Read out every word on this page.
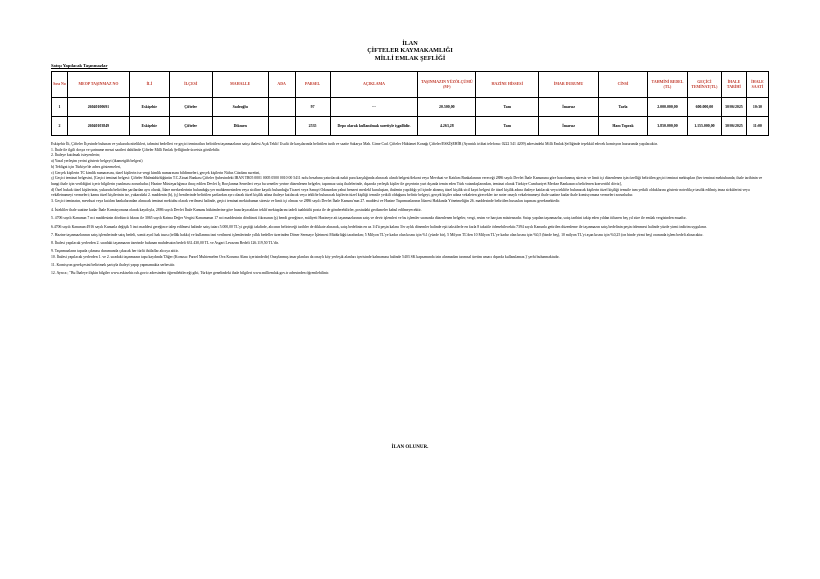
İLAN
ÇİFTELER KAYMAKAMLIĞI
MİLLİ EMLAK ŞEFLİĞİ
Satışı Yapılacak Taşınmazlar
Sıra No	MEOP TAŞINMAZ NO	İLİ	İLÇESİ	MAHALLE	ADA	PARSEL	AÇIKLAMA	TAŞINMAZIN YÜZÖLÇÜMÜ (M²)	HAZİNE HİSSESİ	İMAR DURUMU	CİNSİ	TAHMİNİ BEDEL (TL)	GEÇİCİ TEMİNAT(TL)	İHALE TARİHİ	İHALE SAATİ
1	26040100691	Eskişehir	Çifteler	Sadeoğlu		97	---	20.500,00	Tam	İmarsız	Tarla	2.000.000,00	600.000,00	30/06/2025	10:30
2	26040103849	Eskişehir	Çifteler	Dikmen		2535	Depo olarak kullanılmak suretiyle işgallidir.	4.263,28	Tam	İmarsız	Ham Toprak	3.850.000,00	1.155.000,00	30/06/2025	11:00

Eskişehir İli, Çifteler İlçesinde bulunan ve yukarıda nitelikleri, tahmini bedelleri ve geçici teminatları belirtilen taşınmazların satışı ihalesi Açık Teklif Usulü ile karşılarında belirtilen tarih ve saatte Sakarya Mah. Girne Cad. Çifteler Hükümet Konağı Çifteler/ESKİŞEHİR (Ayrıntılı irtibat telefonu: 0222 541 4209) adresindeki Milli Emlak Şefliğinde teşekkül edecek komisyon huzurunda yapılacaktır.

1. İhale ile ilgili dosya ve şartname mesai saatleri dahilinde Çifteler Milli Emlak Şefliğinde ücretsiz görülebilir.

2. İhaleye katılmak isteyenlerin;

a) Yasal yerleşim yerini gösterir belgeyi (ikametgâh belgesi)

b) Tebligat için Türkiye'de adres göstermeleri,

c) Gerçek kişilerin TC kimlik numarasını, tüzel kişilerin ise vergi kimlik numarasını bildirmeleri, gerçek kişilerin Nüfus Cüzdanı suretini,

ç) Geçici teminat belgesini, [Geçici teminat belgesi: Çifteler Malmüdürlüğünün T.C.Ziraat Bankası Çifteler Şubesindeki IBAN TR05 0001 0005 0500 0010 00 5411 nolu hesabına yatırılacak nakit para karşılığında alınacak alındı belgesi/dekont veya Mevduat ve Katılım Bankalarının vereceği 2886 sayılı Devlet İhale Kanununa göre hazırlanmış süresiz ve limit içi düzenlenen işin özelliği belirtilen geçici teminat mektupları (her teminat mektubunda; ihale tarihinin ve hangi ihale için verildiğini içerir bilgilerin yazılması zorunludur.) Hazine Müsteşarlığınca ihraç edilen Devlet İç Borçlanma Senetleri veya bu senetler yerine düzenlenen belgeler, taşınmaz satış ihalelerinde, dışarıda yerleşik kişiler ile geçerinin yurt dışında temin eden Türk vatandaşlarından, teminat olarak Türkiye Cumhuriyet Merkez Bankasınca belirlenen konvertibl döviz],

d) Özel hukuk tüzel kişilerinin, yukarıda belirtilen şartlardan ayrı olarak, İdare merkezlerinin bulunduğu yer mahkemesinden veya siciline kayıtlı bulunduğu Ticaret veya Sanayi Odasından yahut benzeri meslekî kuruluştan, ihalenin yapıldığı yıl içinde alınmış tüzel kişilik sicil kayıt belgesi ile tüzel kişilik adına ihaleye katılacak veya teklifte bulunacak kişilerin tüzel kişiliği temsile tam yetkili olduklarını gösterir noterlikçe tasdik edilmiş imza sirkülerini veya vekâletnameyi vermeleri; kamu tüzel kişilerinin ise, yukarıdaki 2. maddenin (b), (ç) bentlerinde belirtilen şartlardan ayrı olarak tüzel kişilik adına ihaleye katılacak veya teklifte bulunacak kişilerin tüzel kişiliği temsile yetkili olduğunu belirtir belgeyi, gerçek kişiler adına vekaleten girecekler ise noter onaylı vekaletnameyi ihale saatine kadar ihale komisyonuna vermeleri zorunludur.

3. Geçici teminatın, mevduat veya katılım bankalarından alınacak teminat mektubu olarak verilmesi halinde, geçici teminat mektubunun süresiz ve limit içi olması ve 2886 sayılı Devlet İhale Kanunu'nun 27. maddesi ve Hazine Taşınmazlarının İdaresi Hakkında Yönetmeliğin 26. maddesinde belirtilen hususları taşıması gerekmektedir.

4. İstekliler ihale saatine kadar İhale Komisyonuna olarak kayıtlıyla, 2886 sayılı Devlet İhale Kanunu hükümlerine göre hazırlayacakları teklif mektuplarını iadeli taahhütlü posta ile de gönderebilirler, postadaki gecikmeler kabul edilmeyecektir.

5. 4706 sayılı Kanunun 7 nci maddesinin dördüncü fıkrası ile 3065 sayılı Katma Değer Vergisi Kanununun 17 nci maddesinin dördüncü fıkrasının (ş) bendi gereğince, müliyeti Hazineye ait taşınmazlarının satış ve devir işlemleri ve bu işlemler sırasında düzenlenen belgeler, vergi, resim ve harçtan müstesnadır. Satışı yapılan taşınmazlar, satış tarihini takip eden yıldan itibaren beş yıl süre ile emlak vergisinden muaftır.

6.4706 sayılı Kanunun 4916 sayılı Kanunla değişik 5 inci maddesi gereğince talep edilmesi halinde satış tutarı 5.000,00 TL'yi geçtiği takdirde, alıcının belirteceği tarihler de dikkate alınarak, satış bedelinin en az 1/4'ü peşin kalanı 3'er aylık dönemler halinde eşit taksitlerle en fazla 8 taksitle ödenebilecektir.7394 sayılı Kanunla getirilen düzenleme ile taşınmazın satış bedelinin peşin ödenmesi halinde yüzde yirmi indirim uygulanır.

7. Hazine taşınmazlarının satış işlemlerinde satış bedeli, somit ayrıl hak tasısı (tellâk hakkı) ve kullanma izni verilmesi işlemlerinde yıllık bedeller üzerinden Döner Sermaye İşletmesi Müdürlüğü tarafından; 5 Milyon TL'ye kadar olan kısmı için %1 (yüzde bir), 5 Milyon TL'den 10 Milyon TL'ye kadar olan kısmı için %0,5 (binde beş), 10 milyon TL'yi aşan kısmı için %0,25 (on binde yirmi beş) oranında işlem bedeli alınacaktır.

8. İhalesi yapılacak yerlerden 2. sıradaki taşınmazın üzerinde bulunan muhdesatın bedeli 631.430,00 TL ve Asgari Levazım Bedeli 126.119,50 TL'dir.

9. Taşınmazların tapuda çıkması durumunda çıkacak her türlü ihtilaflar alıcıya aittir.

10. İhalesi yapılacak yerlerden 1. ve 2. sıradaki taşınmazın tapu kaydında 'Diğer (Konusu: Parsel Muhtemelen Ova Koruma Alanı içerisindedir) Onaylanmış imar planları da onaylı köy yerleşik alanları içerisinde kalmaması halinde 5403 SK kapsamında izin alınmadan tarımsal üretim amacı dışında kullanılamaz.)' şerhi bulunmaktadır.

11. Komisyon gerekçesini belirtmek şartıyla ihaleyi yapıp yapmamakta serbesttir.

12. Ayrıca ; "Bu İhaleye ilişkin bilgiler www.eskisehir.csb.gov.tr adresinden öğrenilebileceği gibi, Türkiye genelindeki ihale bilgileri www.milliemlak.gov.tr adresinden öğrenilebilinir.

İLAN OLUNUR.
